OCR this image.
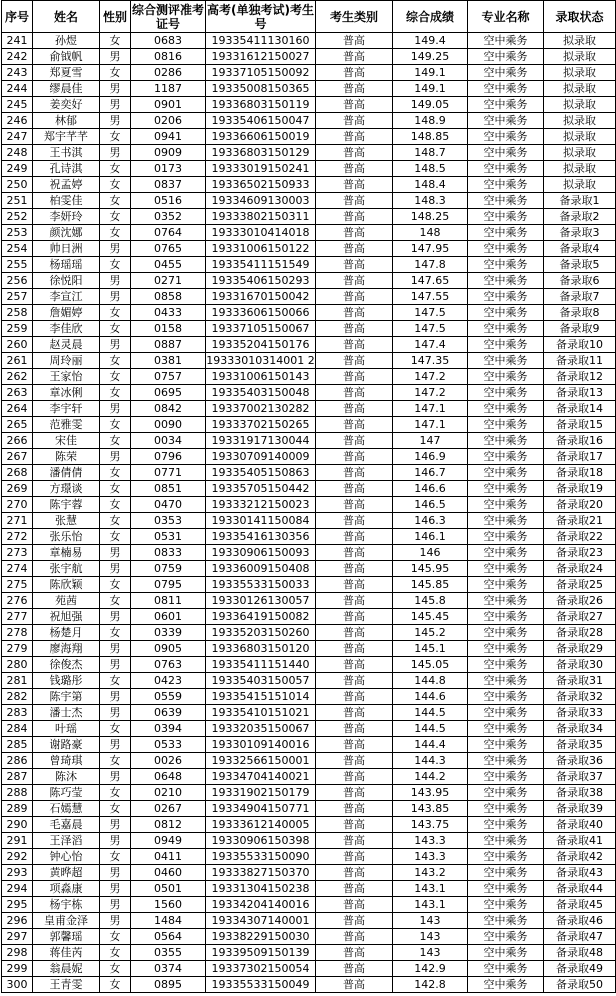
序号	姓名	性别	综合测评准考证号	高考(单独考试)考生号	考生类别	综合成绩	专业名称	录取状态
241	孙煜	女	0683	19335411130160	普高	149.4	空中乘务	拟录取
242	俞钺帆	男	0816	19331612150027	普高	149.25	空中乘务	拟录取
243	郑夏雪	女	0286	19337105150092	普高	149.1	空中乘务	拟录取
244	缪晨佳	男	1187	19335008150365	普高	149.1	空中乘务	拟录取
245	姜奕好	男	0901	19336803150119	普高	149.05	空中乘务	拟录取
246	林郁	男	0206	19335406150047	普高	148.9	空中乘务	拟录取
247	郑宇芊芊	女	0941	19336606150019	普高	148.85	空中乘务	拟录取
248	王书淇	男	0909	19336803150129	普高	148.7	空中乘务	拟录取
249	孔诗淇	女	0173	19333019150241	普高	148.5	空中乘务	拟录取
250	祝孟婷	女	0837	19336502150933	普高	148.4	空中乘务	拟录取
251	柏雯佳	女	0516	19334609130003	普高	148.3	空中乘务	备录取1
252	李妍玲	女	0352	19333802150311	普高	148.25	空中乘务	备录取2
253	颜沈娜	女	0764	19333010414018	普高	148	空中乘务	备录取3
254	帅日洲	男	0765	19331006150122	普高	147.95	空中乘务	备录取4
255	杨瑶瑶	女	0455	19335411151549	普高	147.8	空中乘务	备录取5
256	徐悦阳	男	0271	19335406150293	普高	147.65	空中乘务	备录取6
257	李宣江	男	0858	19331670150042	普高	147.55	空中乘务	备录取7
258	詹媚婷	女	0433	19333606150066	普高	147.5	空中乘务	备录取8
259	李佳欣	女	0158	19337105150067	普高	147.5	空中乘务	备录取9
260	赵灵晨	男	0887	19335204150176	普高	147.4	空中乘务	备录取10
261	周玲丽	女	0381	19333010314001 2	普高	147.35	空中乘务	备录取11
262	王家怡	女	0757	19331006150143	普高	147.2	空中乘务	备录取12
263	章冰俐	女	0695	19335403150048	普高	147.2	空中乘务	备录取13
264	李宇轩	男	0842	19337002130282	普高	147.1	空中乘务	备录取14
265	范雅雯	女	0090	19333702150265	普高	147.1	空中乘务	备录取15
266	宋佳	女	0034	19331917130044	普高	147	空中乘务	备录取16
267	陈荣	男	0796	19330709140009	普高	146.9	空中乘务	备录取17
268	潘倩倩	女	0771	19335405150863	普高	146.7	空中乘务	备录取18
269	方璟谈	女	0851	19335705150442	普高	146.6	空中乘务	备录取19
270	陈宇蓉	女	0470	19333212150023	普高	146.5	空中乘务	备录取20
271	张慧	女	0353	19330141150084	普高	146.3	空中乘务	备录取21
272	张乐怡	女	0531	19335416130356	普高	146.1	空中乘务	备录取22
273	章楠易	男	0833	19330906150093	普高	146	空中乘务	备录取23
274	张宇航	男	0759	19336009150408	普高	145.95	空中乘务	备录取24
275	陈欣颖	女	0795	19335533150033	普高	145.85	空中乘务	备录取25
276	苑茜	女	0811	19330126130057	普高	145.8	空中乘务	备录取26
277	祝旭强	男	0601	19336419150082	普高	145.45	空中乘务	备录取27
278	杨楚月	女	0339	19335203150260	普高	145.2	空中乘务	备录取28
279	廖海翔	男	0905	19336803150120	普高	145.1	空中乘务	备录取29
280	徐俊杰	男	0763	19335411151440	普高	145.05	空中乘务	备录取30
281	钱璐彤	女	0423	19335403150057	普高	144.8	空中乘务	备录取31
282	陈宇第	男	0559	19335415151014	普高	144.6	空中乘务	备录取32
283	潘士杰	男	0639	19335410151021	普高	144.5	空中乘务	备录取33
284	叶瑶	女	0394	19332035150067	普高	144.5	空中乘务	备录取34
285	谢路豪	男	0533	19330109140016	普高	144.4	空中乘务	备录取35
286	曾琦琪	女	0026	19332566150001	普高	144.3	空中乘务	备录取36
287	陈沐	男	0648	19334704140021	普高	144.2	空中乘务	备录取37
288	陈巧莹	女	0210	19331902150179	普高	143.95	空中乘务	备录取38
289	石嫣慧	女	0267	19334904150771	普高	143.85	空中乘务	备录取39
290	毛嘉晨	男	0812	19333612140005	普高	143.75	空中乘务	备录取40
291	王泽滔	男	0949	19330906150398	普高	143.3	空中乘务	备录取41
292	钟心怡	女	0411	19335533150090	普高	143.3	空中乘务	备录取42
293	黄晔超	男	0460	19333827150370	普高	143.2	空中乘务	备录取43
294	项淼康	男	0501	19331304150238	普高	143.1	空中乘务	备录取44
295	杨宇栋	男	1560	19334204140016	普高	143.1	空中乘务	备录取45
296	皇甫金泽	男	1484	19334307140001	普高	143	空中乘务	备录取46
297	郭馨瑶	女	0564	19338229150030	普高	143	空中乘务	备录取47
298	蒋佳芮	女	0355	19339509150139	普高	143	空中乘务	备录取48
299	翁晨妮	女	0374	19337302150054	普高	142.9	空中乘务	备录取49
300	王青雯	女	0895	19335533150049	普高	142.8	空中乘务	备录取50
